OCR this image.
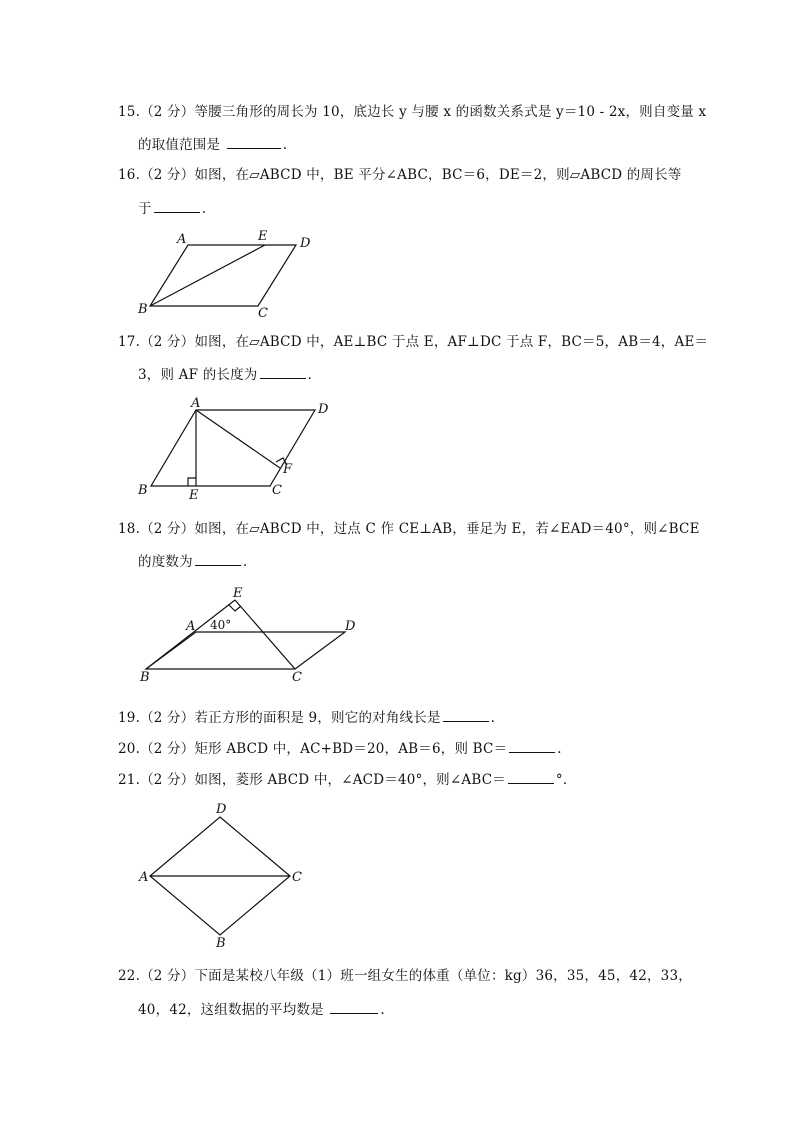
15.（2 分）等腰三角形的周长为 10，底边长 y 与腰 x 的函数关系式是 y＝10 - 2x，则自变量 x
的取值范围是	.
16.（2 分）如图，在▱ABCD 中，BE 平分∠ABC，BC＝6，DE＝2，则▱ABCD 的周长等
于	.
A	E	D
B	C
17.（2 分）如图，在▱ABCD 中，AE⊥BC 于点 E，AF⊥DC 于点 F，BC＝5，AB＝4，AE＝
3，则 AF 的长度为	.
A	D
F
B	E	C
18.（2 分）如图，在▱ABCD 中，过点 C 作 CE⊥AB，垂足为 E，若∠EAD＝40°，则∠BCE
的度数为	.
E
A 40°	D
B	C
19.（2 分）若正方形的面积是 9，则它的对角线长是	.
20.（2 分）矩形 ABCD 中，AC+BD＝20，AB＝6，则 BC＝	.
21.（2 分）如图，菱形 ABCD 中，∠ACD＝40°，则∠ABC＝	°．
D
A	C
B
22.（2 分）下面是某校八年级（1）班一组女生的体重（单位：kg）36，35，45，42，33，
40，42，这组数据的平均数是	.
